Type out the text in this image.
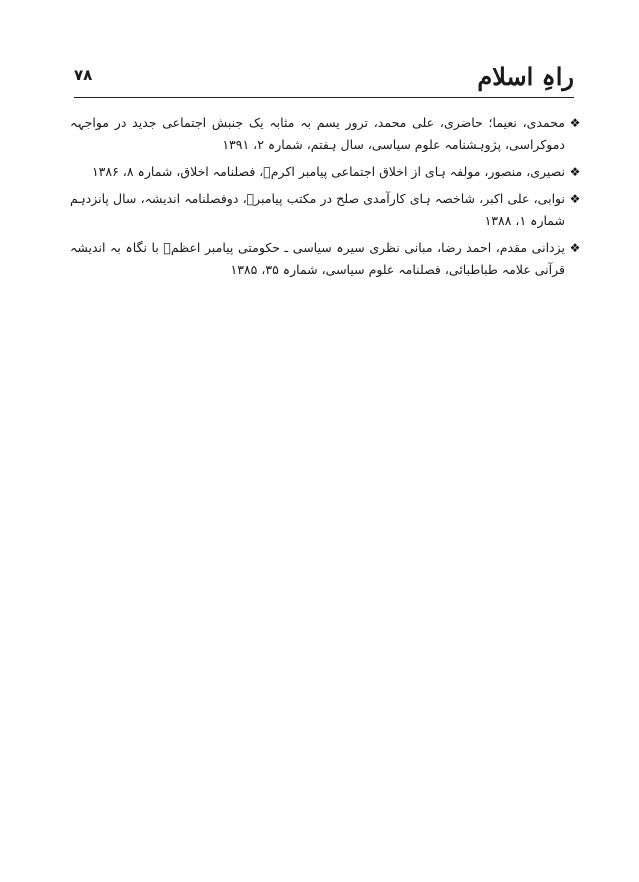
راہِ اسلام
۷۸
❖
محمدی، نعیما؛ حاضری، علی محمد، ترور یسم بہ مثابہ یک جنبش اجتماعی جدید در مواجہہ دموکراسی، پژوہشنامہ علوم سیاسی، سال ہفتم، شمارہ ۲، ۱۳۹۱
❖
نصیری، منصور، مولفہ ہای از اخلاق اجتماعی پیامبر اکرمؐ، فصلنامہ اخلاق، شمارہ ۸، ۱۳۸۶
❖
نوابی، علی اکبر، شاخصہ ہای کارآمدی صلح در مکتب پیامبرؐ، دوفصلنامہ اندیشہ، سال پانزدہم شمارہ ۱، ۱۳۸۸
❖
یزدانی مقدم، احمد رضا، مبانی نظری سیرہ سیاسی ـ حکومتی پیامبر اعظمؐ با نگاہ بہ اندیشہ قرآنی علامہ طباطبائی، فصلنامہ علوم سیاسی، شمارہ ۳۵، ۱۳۸۵
